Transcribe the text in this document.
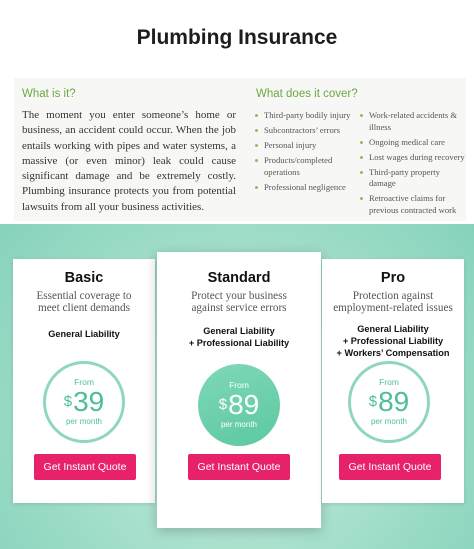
Plumbing Insurance
What is it?

The moment you enter someone’s home or business, an accident could occur. When the job entails working with pipes and water systems, a massive (or even minor) leak could cause significant damage and be extremely costly. Plumbing insurance protects you from potential lawsuits from all your business activities.

What does it cover?
Third-party bodily injury
Subcontractors’ errors
Personal injury
Products/completed operations
Professional negligence
Work-related accidents & illness
Ongoing medical care
Lost wages during recovery
Third-party property damage
Retroactive claims for previous contracted work
Basic
Essential coverage to
meet client demands
General Liability
From
$ 39
per month
Get Instant Quote
Standard
Protect your business
against service errors
General Liability
+ Professional Liability
From
$ 89
per month
Get Instant Quote
Pro
Protection against
employment-related issues
General Liability
+ Professional Liability
+ Workers’ Compensation
From
$ 89
per month
Get Instant Quote
